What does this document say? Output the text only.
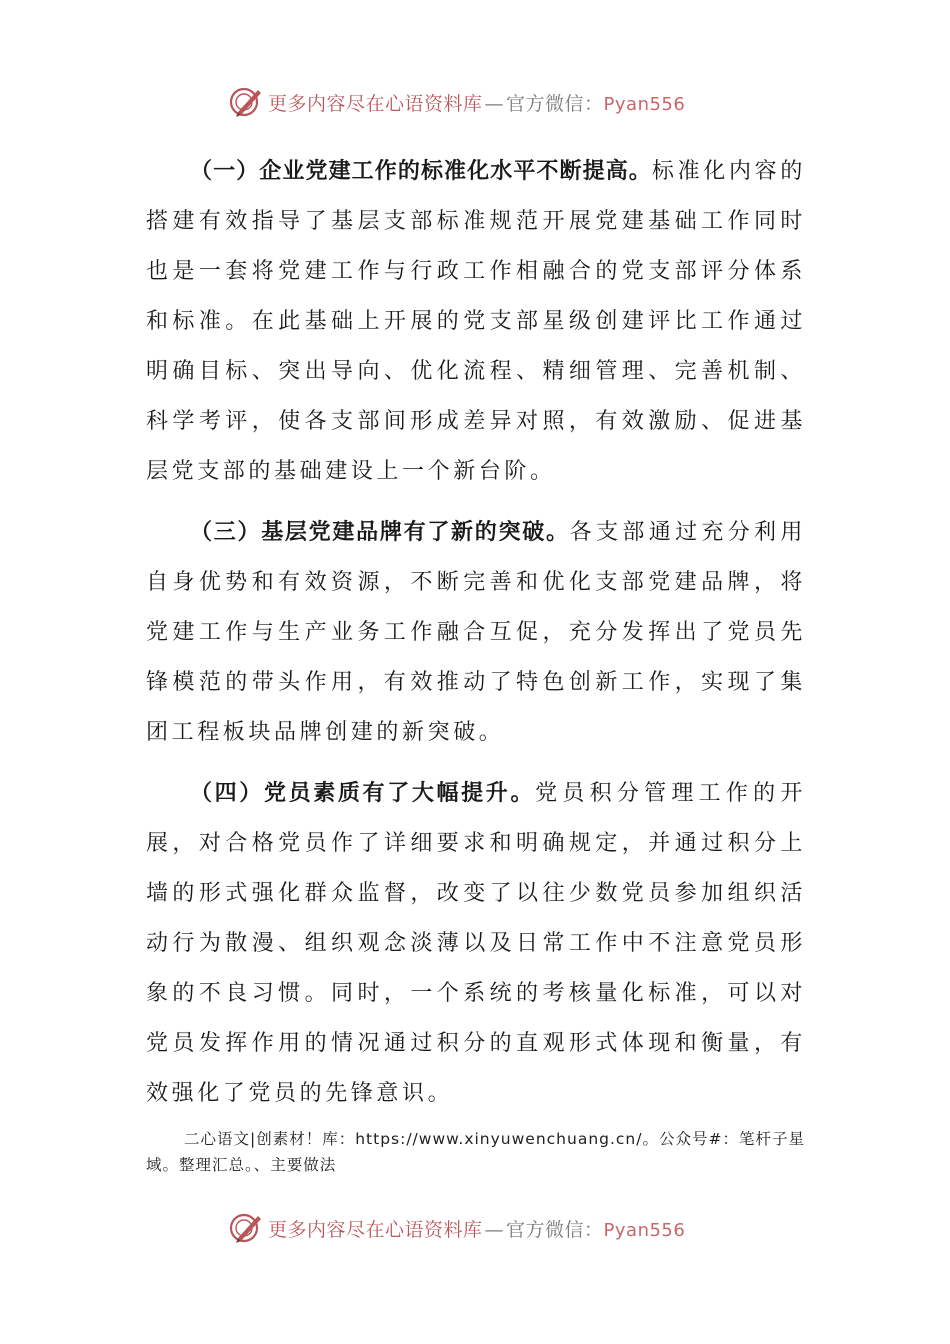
更多内容尽在心语资料库 — 官方微信：Pyan556

（一）企业党建工作的标准化水平不断提高。标准化内容的搭建有效指导了基层支部标准规范开展党建基础工作同时也是一套将党建工作与行政工作相融合的党支部评分体系和标准。在此基础上开展的党支部星级创建评比工作通过明确目标、突出导向、优化流程、精细管理、完善机制、科学考评，使各支部间形成差异对照，有效激励、促进基层党支部的基础建设上一个新台阶。

（三）基层党建品牌有了新的突破。各支部通过充分利用自身优势和有效资源，不断完善和优化支部党建品牌，将党建工作与生产业务工作融合互促，充分发挥出了党员先锋模范的带头作用，有效推动了特色创新工作，实现了集团工程板块品牌创建的新突破。

（四）党员素质有了大幅提升。党员积分管理工作的开展，对合格党员作了详细要求和明确规定，并通过积分上墙的形式强化群众监督，改变了以往少数党员参加组织活动行为散漫、组织观念淡薄以及日常工作中不注意党员形象的不良习惯。同时，一个系统的考核量化标准，可以对党员发挥作用的情况通过积分的直观形式体现和衡量，有效强化了党员的先锋意识。

二心语文|创素材！库：https://www.xinyuwenchuang.cn/。公众号#：笔杆子星域。整理汇总。、主要做法
更多内容尽在心语资料库 — 官方微信：Pyan556
